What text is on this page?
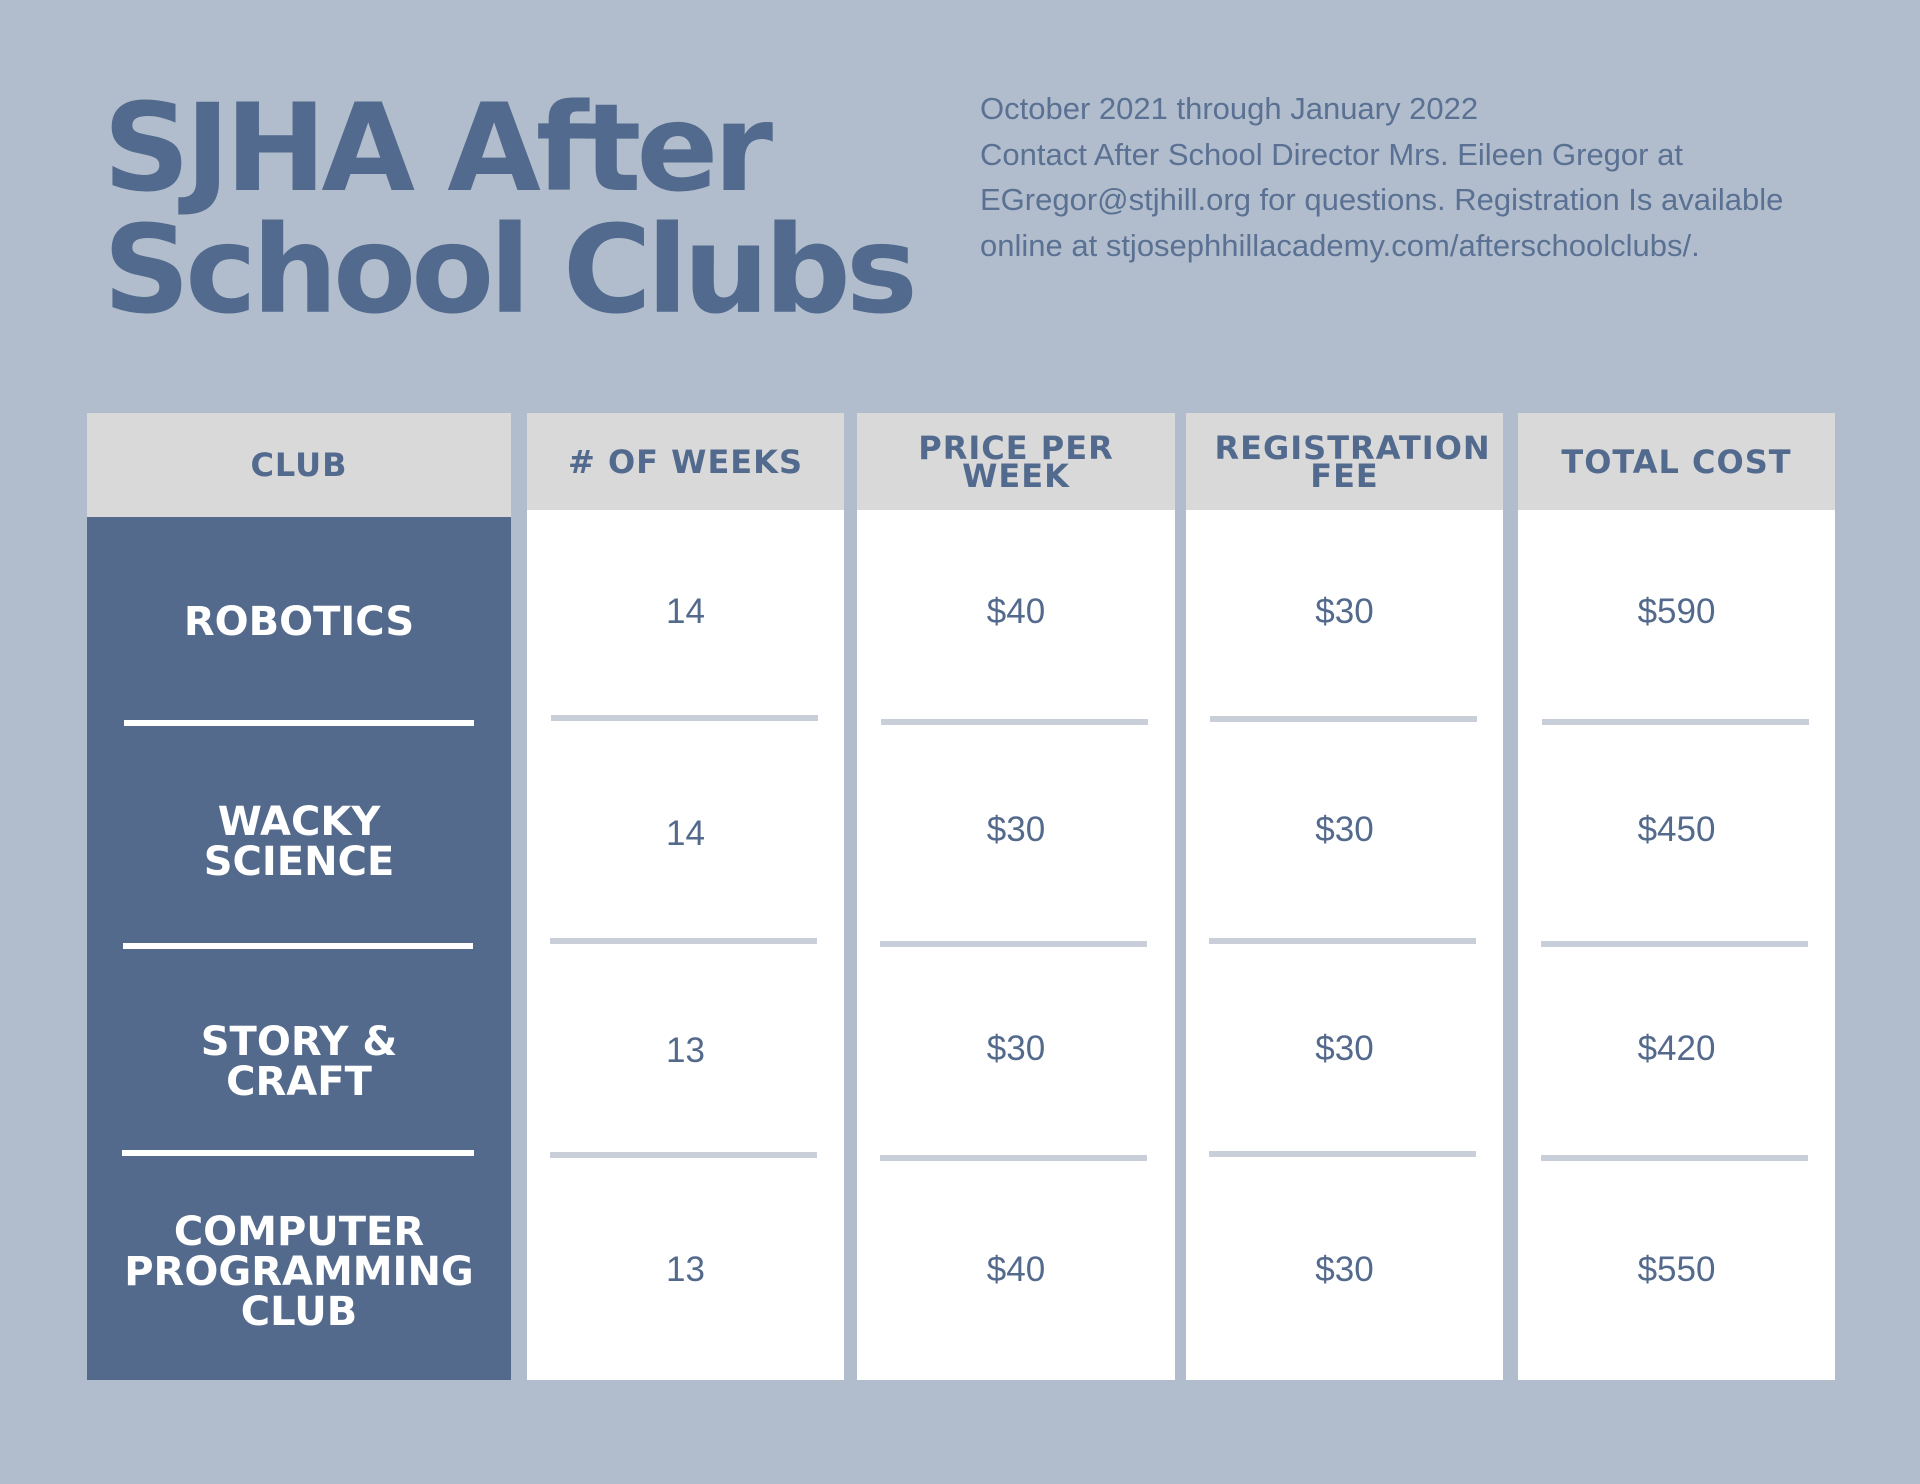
SJHA After
School Clubs
October 2021 through January 2022
Contact After School Director Mrs. Eileen Gregor at
EGregor@stjhill.org for questions. Registration Is available
online at stjosephhillacademy.com/afterschoolclubs/.
CLUB
ROBOTICS
WACKY SCIENCE
STORY & CRAFT
COMPUTER PROGRAMMING CLUB
# OF WEEKS
14
14
13
13
PRICE PER WEEK
$40
$30
$30
$40
REGISTRATION FEE
$30
$30
$30
$30
TOTAL COST
$590
$450
$420
$550
